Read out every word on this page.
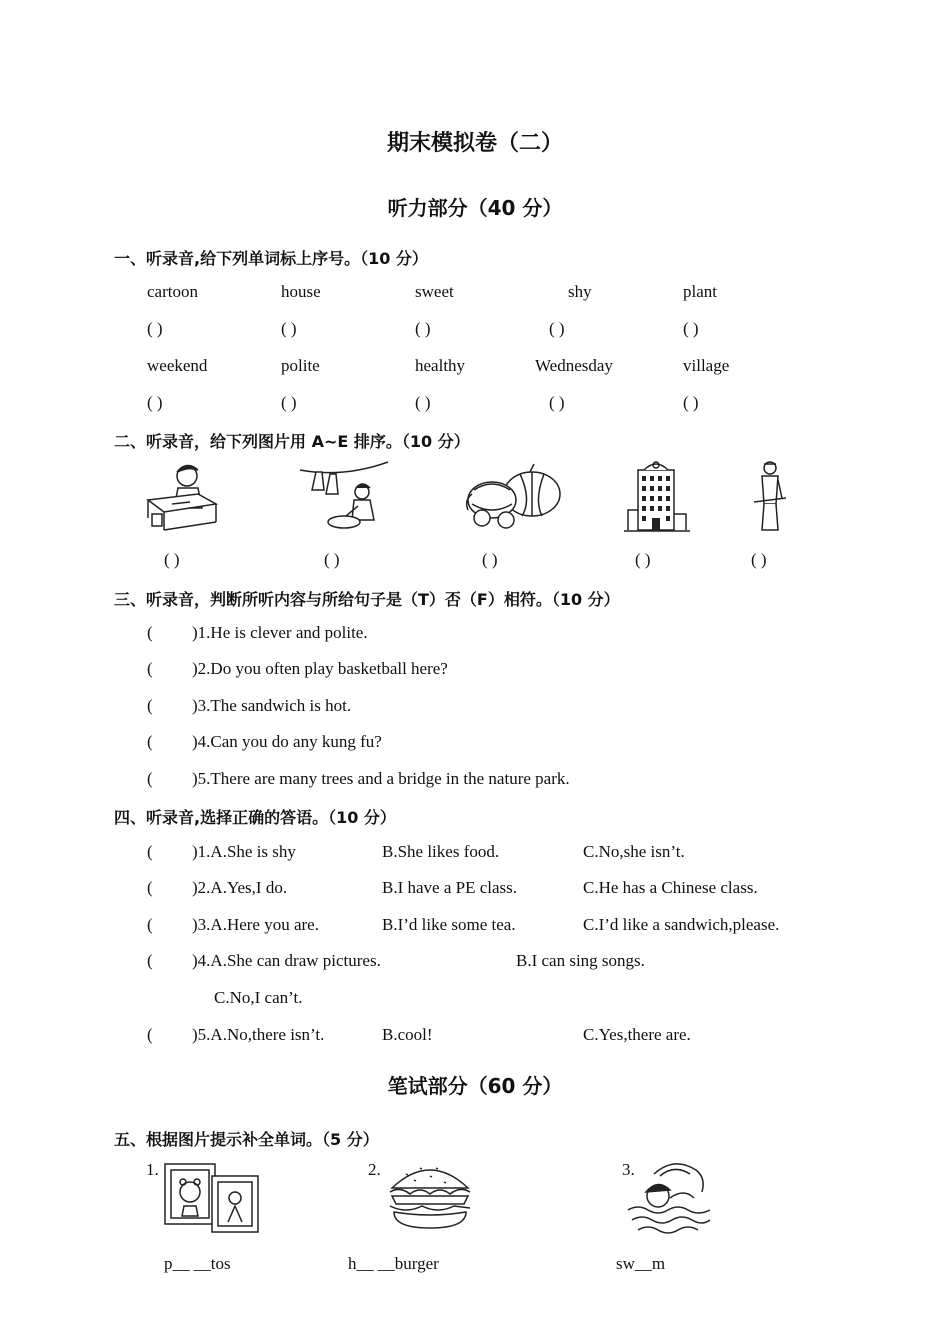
期末模拟卷（二）
听力部分（40 分）
一、听录音,给下列单词标上序号。（10 分）
cartoon	house	sweet	shy	plant
( )	( )	( )	( )	( )
weekend	polite	healthy	Wednesday	village
( )	( )	( )	( )	( )
二、听录音，给下列图片用 A~E 排序。（10 分）
( )	( )	( )	( )	( )
三、听录音，判断所听内容与所给句子是（T）否（F）相符。（10 分）
( )1.He is clever and polite.
( )2.Do you often play basketball here?
( )3.The sandwich is hot.
( )4.Can you do any kung fu?
( )5.There are many trees and a bridge in the nature park.
四、听录音,选择正确的答语。（10 分）
( )1.A.She is shy	B.She likes food.	C.No,she isn’t.
( )2.A.Yes,I do.	B.I have a PE class.	C.He has a Chinese class.
( )3.A.Here you are.	B.I’d like some tea.	C.I’d like a sandwich,please.
( )4.A.She can draw pictures.	B.I can sing songs.
C.No,I can’t.
( )5.A.No,there isn’t.	B.cool!	C.Yes,there are.
笔试部分（60 分）
五、根据图片提示补全单词。（5 分）
1.
p__ __tos
2.
h__ __burger
3.
sw__m
